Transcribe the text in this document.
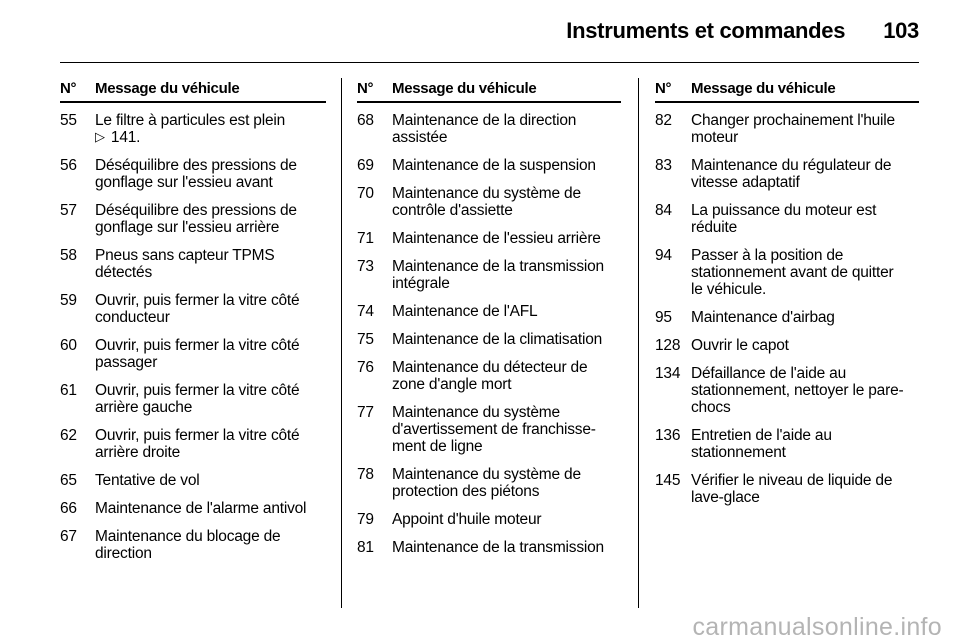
Instruments et commandes 103
N°	Message du véhicule
55	Le filtre à particules est plein
▷ 141.
56	Déséquilibre des pressions de
gonflage sur l'essieu avant
57	Déséquilibre des pressions de
gonflage sur l'essieu arrière
58	Pneus sans capteur TPMS
détectés
59	Ouvrir, puis fermer la vitre côté
conducteur
60	Ouvrir, puis fermer la vitre côté
passager
61	Ouvrir, puis fermer la vitre côté
arrière gauche
62	Ouvrir, puis fermer la vitre côté
arrière droite
65	Tentative de vol
66	Maintenance de l'alarme antivol
67	Maintenance du blocage de
direction
N°	Message du véhicule
68	Maintenance de la direction
assistée
69	Maintenance de la suspension
70	Maintenance du système de
contrôle d'assiette
71	Maintenance de l'essieu arrière
73	Maintenance de la transmission
intégrale
74	Maintenance de l'AFL
75	Maintenance de la climatisation
76	Maintenance du détecteur de
zone d'angle mort
77	Maintenance du système
d'avertissement de franchisse-
ment de ligne
78	Maintenance du système de
protection des piétons
79	Appoint d'huile moteur
81	Maintenance de la transmission
N°	Message du véhicule
82	Changer prochainement l'huile
moteur
83	Maintenance du régulateur de
vitesse adaptatif
84	La puissance du moteur est
réduite
94	Passer à la position de
stationnement avant de quitter
le véhicule.
95	Maintenance d'airbag
128 Ouvrir le capot
134 Défaillance de l'aide au
stationnement, nettoyer le pare-
chocs
136 Entretien de l'aide au
stationnement
145 Vérifier le niveau de liquide de
lave-glace
carmanualsonline.info
